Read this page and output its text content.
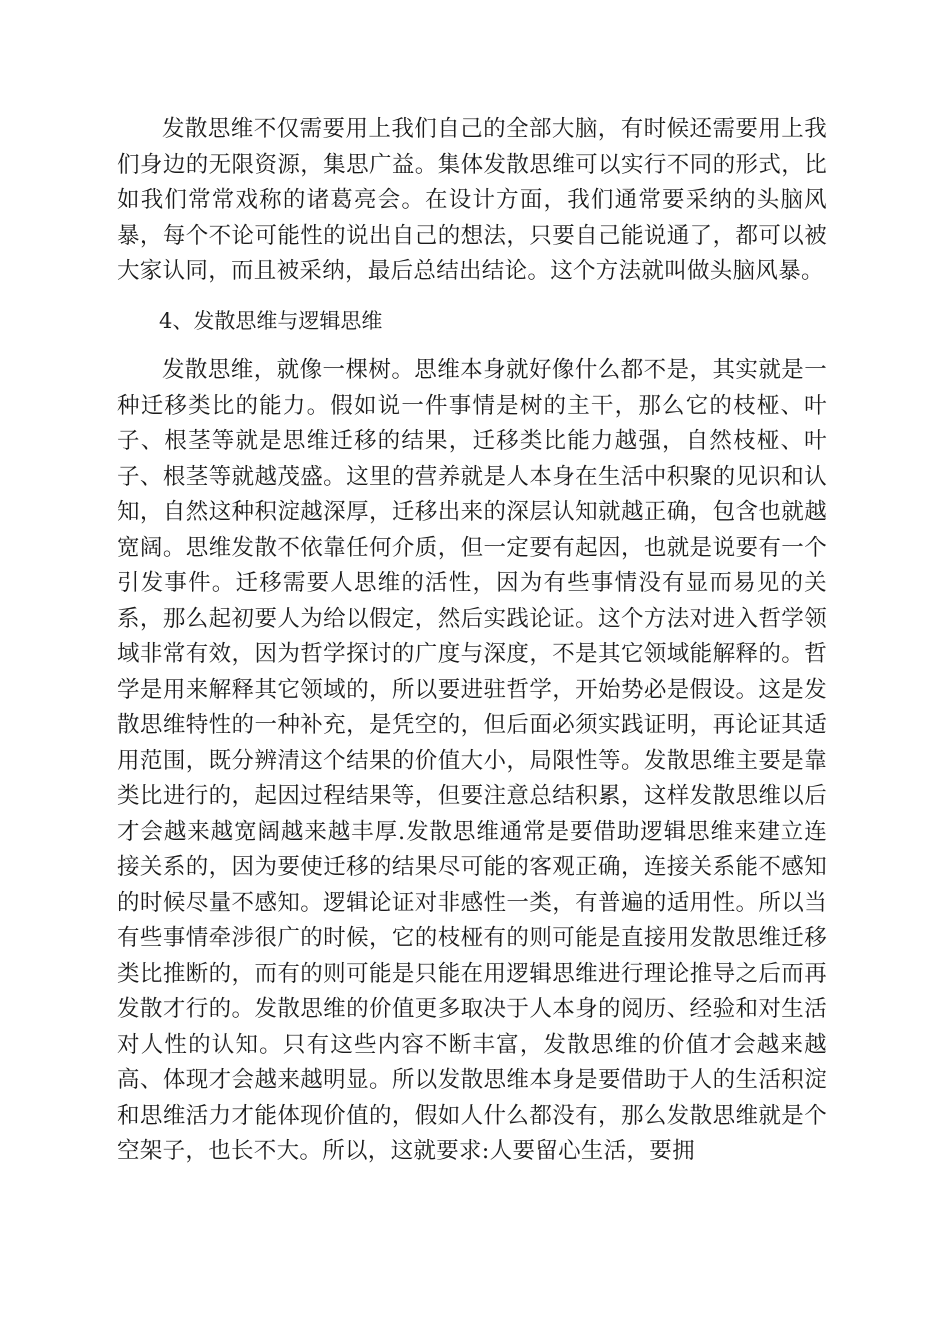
发散思维不仅需要用上我们自己的全部大脑，有时候还需要用上我们身边的无限资源，集思广益。集体发散思维可以实行不同的形式，比如我们常常戏称的诸葛亮会。在设计方面，我们通常要采纳的头脑风暴，每个不论可能性的说出自己的想法，只要自己能说通了，都可以被大家认同，而且被采纳，最后总结出结论。这个方法就叫做头脑风暴。

4、发散思维与逻辑思维

发散思维，就像一棵树。思维本身就好像什么都不是，其实就是一种迁移类比的能力。假如说一件事情是树的主干，那么它的枝桠、叶子、根茎等就是思维迁移的结果，迁移类比能力越强，自然枝桠、叶子、根茎等就越茂盛。这里的营养就是人本身在生活中积聚的见识和认知，自然这种积淀越深厚，迁移出来的深层认知就越正确，包含也就越宽阔。思维发散不依靠任何介质，但一定要有起因，也就是说要有一个引发事件。迁移需要人思维的活性，因为有些事情没有显而易见的关系，那么起初要人为给以假定，然后实践论证。这个方法对进入哲学领域非常有效，因为哲学探讨的广度与深度，不是其它领域能解释的。哲学是用来解释其它领域的，所以要进驻哲学，开始势必是假设。这是发散思维特性的一种补充，是凭空的，但后面必须实践证明，再论证其适用范围，既分辨清这个结果的价值大小，局限性等。发散思维主要是靠类比进行的，起因过程结果等，但要注意总结积累，这样发散思维以后才会越来越宽阔越来越丰厚.发散思维通常是要借助逻辑思维来建立连接关系的，因为要使迁移的结果尽可能的客观正确，连接关系能不感知的时候尽量不感知。逻辑论证对非感性一类，有普遍的适用性。所以当有些事情牵涉很广的时候，它的枝桠有的则可能是直接用发散思维迁移类比推断的，而有的则可能是只能在用逻辑思维进行理论推导之后而再发散才行的。发散思维的价值更多取决于人本身的阅历、经验和对生活对人性的认知。只有这些内容不断丰富，发散思维的价值才会越来越高、体现才会越来越明显。所以发散思维本身是要借助于人的生活积淀和思维活力才能体现价值的，假如人什么都没有，那么发散思维就是个空架子，也长不大。所以，这就要求:人要留心生活，要拥
